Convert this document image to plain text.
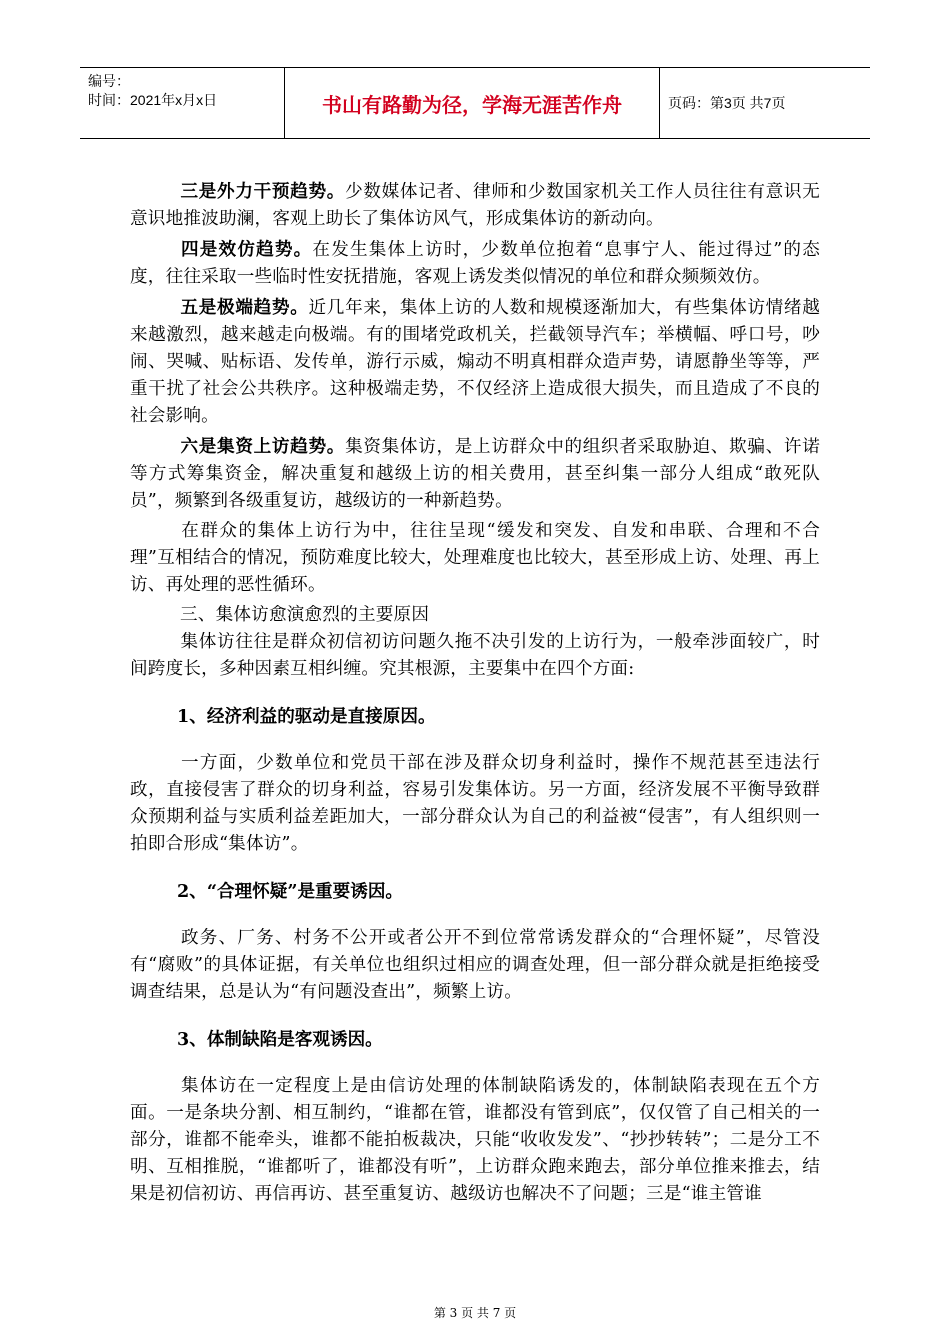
编号：
时间：2021年x月x日	书山有路勤为径，学海无涯苦作舟	页码：第3页 共7页

三是外力干预趋势。少数媒体记者、律师和少数国家机关工作人员往往有意识无意识地推波助澜，客观上助长了集体访风气，形成集体访的新动向。

四是效仿趋势。在发生集体上访时，少数单位抱着“息事宁人、能过得过”的态度，往往采取一些临时性安抚措施，客观上诱发类似情况的单位和群众频频效仿。

五是极端趋势。近几年来，集体上访的人数和规模逐渐加大，有些集体访情绪越来越激烈，越来越走向极端。有的围堵党政机关，拦截领导汽车；举横幅、呼口号，吵闹、哭喊、贴标语、发传单，游行示威，煽动不明真相群众造声势，请愿静坐等等，严重干扰了社会公共秩序。这种极端走势，不仅经济上造成很大损失，而且造成了不良的社会影响。

六是集资上访趋势。集资集体访，是上访群众中的组织者采取胁迫、欺骗、许诺等方式筹集资金，解决重复和越级上访的相关费用，甚至纠集一部分人组成“敢死队员”，频繁到各级重复访，越级访的一种新趋势。

在群众的集体上访行为中，往往呈现“缓发和突发、自发和串联、合理和不合理”互相结合的情况，预防难度比较大，处理难度也比较大，甚至形成上访、处理、再上访、再处理的恶性循环。

三、集体访愈演愈烈的主要原因

集体访往往是群众初信初访问题久拖不决引发的上访行为，一般牵涉面较广，时间跨度长，多种因素互相纠缠。究其根源，主要集中在四个方面:

1、经济利益的驱动是直接原因。

一方面，少数单位和党员干部在涉及群众切身利益时，操作不规范甚至违法行政，直接侵害了群众的切身利益，容易引发集体访。另一方面，经济发展不平衡导致群众预期利益与实质利益差距加大，一部分群众认为自己的利益被“侵害”，有人组织则一拍即合形成“集体访”。

2、“合理怀疑”是重要诱因。

政务、厂务、村务不公开或者公开不到位常常诱发群众的“合理怀疑”，尽管没有“腐败”的具体证据，有关单位也组织过相应的调查处理，但一部分群众就是拒绝接受调查结果，总是认为“有问题没查出”，频繁上访。

3、体制缺陷是客观诱因。

集体访在一定程度上是由信访处理的体制缺陷诱发的，体制缺陷表现在五个方面。一是条块分割、相互制约，“谁都在管，谁都没有管到底”，仅仅管了自己相关的一部分，谁都不能牵头，谁都不能拍板裁决，只能“收收发发”、“抄抄转转”；二是分工不明、互相推脱，“谁都听了，谁都没有听”，上访群众跑来跑去，部分单位推来推去，结果是初信初访、再信再访、甚至重复访、越级访也解决不了问题；三是“谁主管谁

第 3 页 共 7 页
